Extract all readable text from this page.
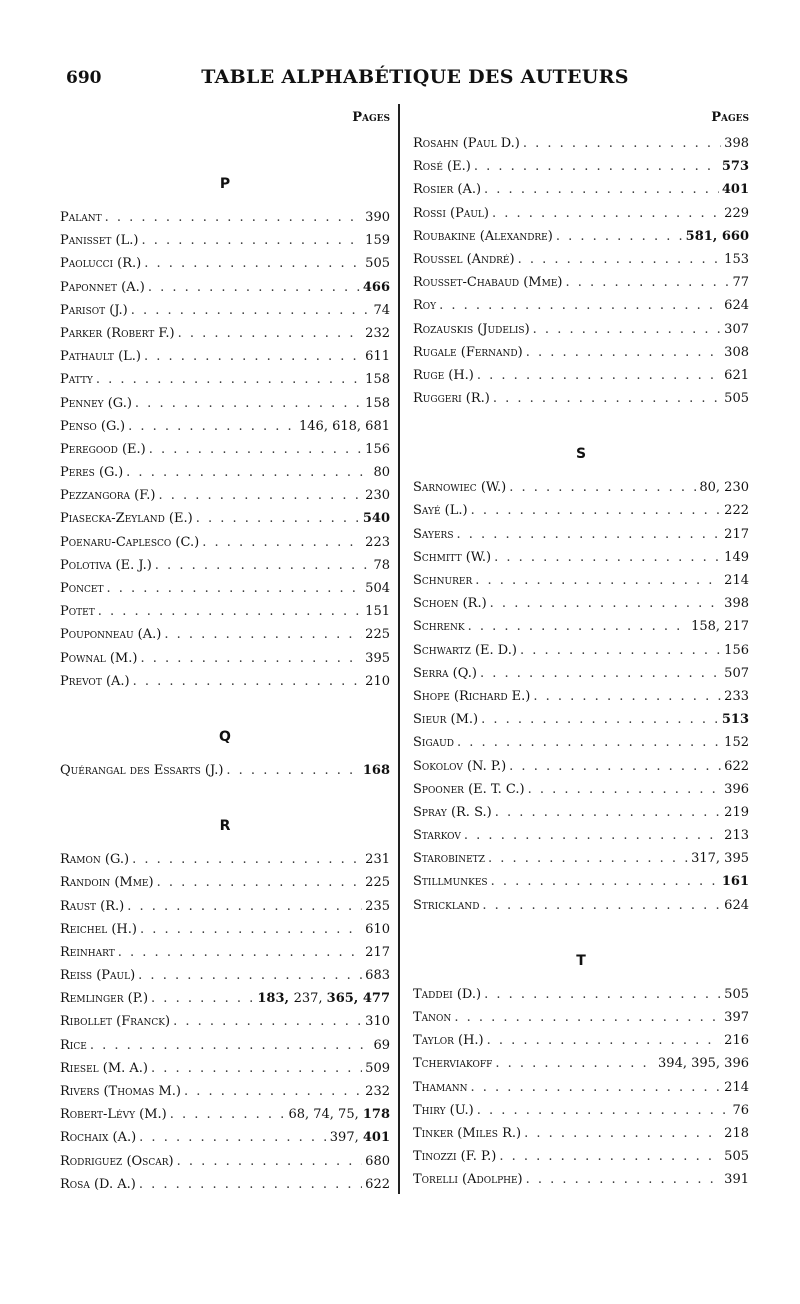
690	TABLE ALPHABÉTIQUE DES AUTEURS
Pages
P
Palant . . .	390
Panisset (L.) . . .	159
Paolucci (R.) . . .	505
Paponnet (A.) . . .	466
Parisot (J.) . . .	74
Parker (Robert F.) . . .	232
Pathault (L.) . . .	611
Patty . . .	158
Penney (G.) . . .	158
Penso (G.) . . .	146, 618, 681
Peregood (E.) . . .	156
Peres (G.) . . .	80
Pezzangora (F.) . . .	230
Piasecka-Zeyland (E.) . . .	540
Poenaru-Caplesco (C.) . . .	223
Polotiva (E. J.) . . .	78
Poncet . . .	504
Potet . . .	151
Pouponneau (A.) . . .	225
Pownal (M.) . . .	395
Prevot (A.) . . .	210
Q
Quérangal des Essarts (J.) . . .	168
R
Ramon (G.) . . .	231
Randoin (Mme) . . .	225
Raust (R.) . . .	235
Reichel (H.) . . .	610
Reinhart . . .	217
Reiss (Paul) . . .	683
Remlinger (P.) . . .	183, 237, 365, 477
Ribollet (Franck) . . .	310
Rice . . .	69
Riesel (M. A.) . . .	509
Rivers (Thomas M.) . . .	232
Robert-Lévy (M.) . . .	68, 74, 75, 178
Rochaix (A.) . . .	397, 401
Rodriguez (Oscar) . . .	680
Rosa (D. A.) . . .	622
Pages
Rosahn (Paul D.) . . .	398
Rosé (E.) . . .	573
Rosier (A.) . . .	401
Rossi (Paul) . . .	229
Roubakine (Alexandre) . . .	581, 660
Roussel (André) . . .	153
Rousset-Chabaud (Mme) . . .	77
Roy . . .	624
Rozauskis (Judelis) . . .	307
Rugale (Fernand) . . .	308
Ruge (H.) . . .	621
Ruggeri (R.) . . .	505
S
Sarnowiec (W.) . . .	80, 230
Sayé (L.) . . .	222
Sayers . . .	217
Schmitt (W.) . . .	149
Schnurer . . .	214
Schoen (R.) . . .	398
Schrenk . . .	158, 217
Schwartz (E. D.) . . .	156
Serra (Q.) . . .	507
Shope (Richard E.) . . .	233
Sieur (M.) . . .	513
Sigaud . . .	152
Sokolov (N. P.) . . .	622
Spooner (E. T. C.) . . .	396
Spray (R. S.) . . .	219
Starkov . . .	213
Starobinetz . . .	317, 395
Stillmunkes . . .	161
Strickland . . .	624
T
Taddei (D.) . . .	505
Tanon . . .	397
Taylor (H.) . . .	216
Tcherviakoff . . .	394, 395, 396
Thamann . . .	214
Thiry (U.) . . .	76
Tinker (Miles R.) . . .	218
Tinozzi (F. P.) . . .	505
Torelli (Adolphe) . . .	391
